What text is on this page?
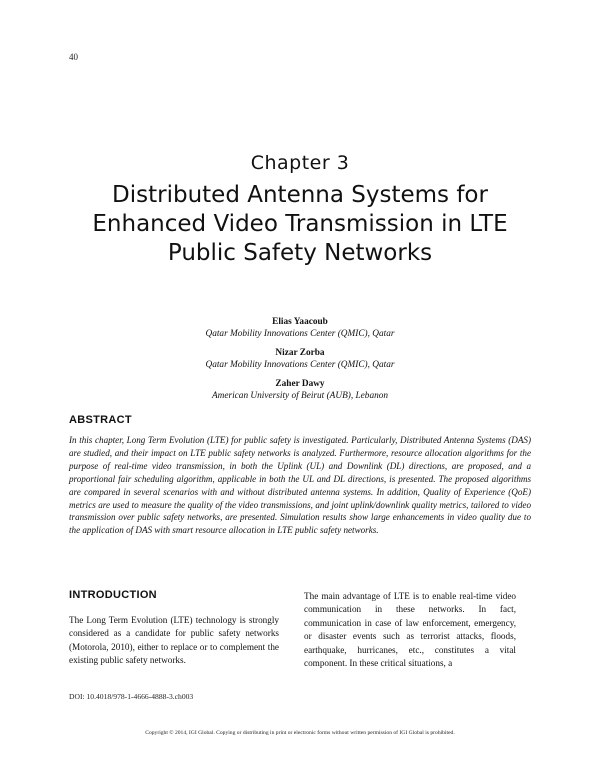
40
Chapter 3
Distributed Antenna Systems for Enhanced Video Transmission in LTE Public Safety Networks
Elias Yaacoub
Qatar Mobility Innovations Center (QMIC), Qatar
Nizar Zorba
Qatar Mobility Innovations Center (QMIC), Qatar
Zaher Dawy
American University of Beirut (AUB), Lebanon
ABSTRACT

In this chapter, Long Term Evolution (LTE) for public safety is investigated. Particularly, Distributed Antenna Systems (DAS) are studied, and their impact on LTE public safety networks is analyzed. Furthermore, resource allocation algorithms for the purpose of real-time video transmission, in both the Uplink (UL) and Downlink (DL) directions, are proposed, and a proportional fair scheduling algorithm, applicable in both the UL and DL directions, is presented. The proposed algorithms are compared in several scenarios with and without distributed antenna systems. In addition, Quality of Experience (QoE) metrics are used to measure the quality of the video transmissions, and joint uplink/downlink quality metrics, tailored to video transmission over public safety networks, are presented. Simulation results show large enhancements in video quality due to the application of DAS with smart resource allocation in LTE public safety networks.

INTRODUCTION

The Long Term Evolution (LTE) technology is strongly considered as a candidate for public safety networks (Motorola, 2010), either to replace or to complement the existing public safety networks.

The main advantage of LTE is to enable real-time video communication in these networks. In fact, communication in case of law enforcement, emergency, or disaster events such as terrorist attacks, floods, earthquake, hurricanes, etc., constitutes a vital component. In these critical situations, a

DOI: 10.4018/978-1-4666-4888-3.ch003
Copyright © 2014, IGI Global. Copying or distributing in print or electronic forms without written permission of IGI Global is prohibited.
